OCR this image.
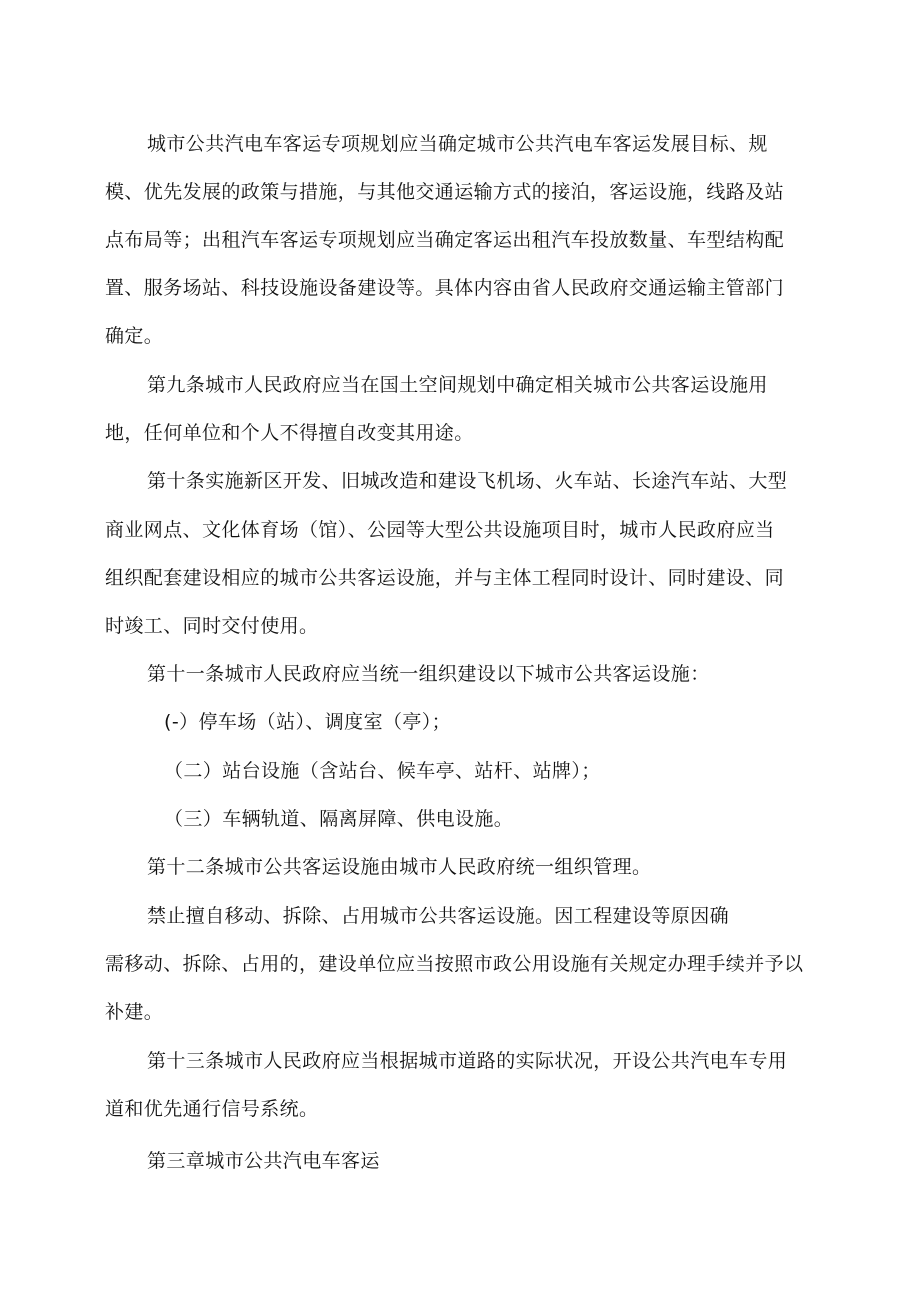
城市公共汽电车客运专项规划应当确定城市公共汽电车客运发展目标、规
模、优先发展的政策与措施，与其他交通运输方式的接泊，客运设施，线路及站
点布局等；出租汽车客运专项规划应当确定客运出租汽车投放数量、车型结构配
置、服务场站、科技设施设备建设等。具体内容由省人民政府交通运输主管部门
确定。
第九条城市人民政府应当在国土空间规划中确定相关城市公共客运设施用
地，任何单位和个人不得擅自改变其用途。
第十条实施新区开发、旧城改造和建设飞机场、火车站、长途汽车站、大型
商业网点、文化体育场（馆）、公园等大型公共设施项目时，城市人民政府应当
组织配套建设相应的城市公共客运设施，并与主体工程同时设计、同时建设、同
时竣工、同时交付使用。
第十一条城市人民政府应当统一组织建设以下城市公共客运设施：
(-）停车场（站）、调度室（亭）；
（二）站台设施（含站台、候车亭、站杆、站牌）；
（三）车辆轨道、隔离屏障、供电设施。
第十二条城市公共客运设施由城市人民政府统一组织管理。
禁止擅自移动、拆除、占用城市公共客运设施。因工程建设等原因确
需移动、拆除、占用的，建设单位应当按照市政公用设施有关规定办理手续并予以
补建。
第十三条城市人民政府应当根据城市道路的实际状况，开设公共汽电车专用
道和优先通行信号系统。
第三章城市公共汽电车客运
